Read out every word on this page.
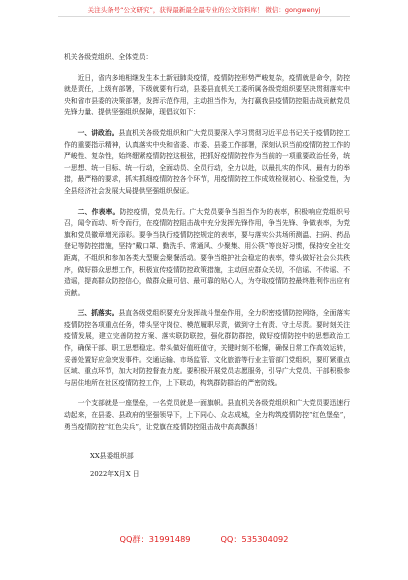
关注头条号“公文研究”，获得最新最全最专业的公文资料库！ 微信：gongwenyj

机关各级党组织、全体党员：

近日，省内多地相继发生本土新冠肺炎疫情，疫情防控形势严峻复杂，疫情就是命令，防控就是责任，上级有部署，下级就要有行动，县委县直机关工委所属各级党组织要坚决贯彻落实中央和省市县委的决策部署，发挥示范作用，主动担当作为，为打赢我县疫情防控阻击战贡献党员先锋力量、提供坚强组织保障，现倡议如下：

一、讲政治。县直机关各级党组织和广大党员要深入学习贯彻习近平总书记关于疫情防控工作的重要指示精神，认真落实中央和省委、市委、县委工作部署，深刻认识当前疫情防控工作的严峻性、复杂性，始终绷紧疫情防控这根弦，把抓好疫情防控作为当前的一项重要政治任务，统一思想、统一目标、统一行动，全面动员、全员行动，全力以赴，以最扎实的作风、最有力的举措，最严格的要求，抓实抓细疫情防控各个环节，用疫情防控工作成效检视初心、检验党性，为全县经济社会发展大局提供坚强组织保证。

二、作表率。防控疫情，党员先行。广大党员要争当担当作为的表率，积极响应党组织号召，闻令而动、听令而行，在疫情防控阻击战中充分发挥先锋作用，争当先锋、争做表率，为党旗和党员徽章增光添彩。要争当执行疫情防控规定的表率，要与落实公共场所测温、扫码、药品登记等防控措施，坚持“戴口罩、勤洗手、常通风、少聚集、用公筷”等良好习惯，保持安全社交距离，不组织和参加各类大型聚会聚餐活动。要争当维护社会稳定的表率，带头做好社会公共秩序，做好群众思想工作，积极宣传疫情防控政策措施，主动回应群众关切，不信谣、不传谣、不造谣，提高群众防控信心，做群众最可信、最可靠的贴心人，为夺取疫情防控最终胜利作出应有贡献。

三、抓落实。县直各级党组织要充分发挥战斗堡垒作用，全力织密疫情防控网络，全面落实疫情防控各项重点任务，带头坚守岗位、模范履职尽责，做到守土有责、守土尽责。要时刻关注疫情发展，建立完善防控方案、落实联防联控，强化群防群控，做好疫情防控中的思想政治工作，确保干部、职工思想稳定。带头做好值班值守，关键时刻不松懈，确保日常工作高效运转，妥善处置好应急突发事件。交通运输、市场监管、文化旅游等行业主管部门党组织，要盯紧重点区域、重点环节，加大对防控督查力度。要积极开展党员志愿服务，引导广大党员、干部积极参与居住地所在社区疫情防控工作，上下联动，构筑群防群治的严密防线。

一个支部就是一座堡垒，一名党员就是一面旗帜。县直机关各级党组织和广大党员要迅速行动起来，在县委、县政府的坚强领导下，上下同心、众志成城，全力构筑疫情防控“红色堡垒”，勇当疫情防控“红色尖兵”，让党旗在疫情防控阻击战中高高飘扬！

XX县委组织部
2022年X月X 日
QQ群：31991489	QQ：535304092
